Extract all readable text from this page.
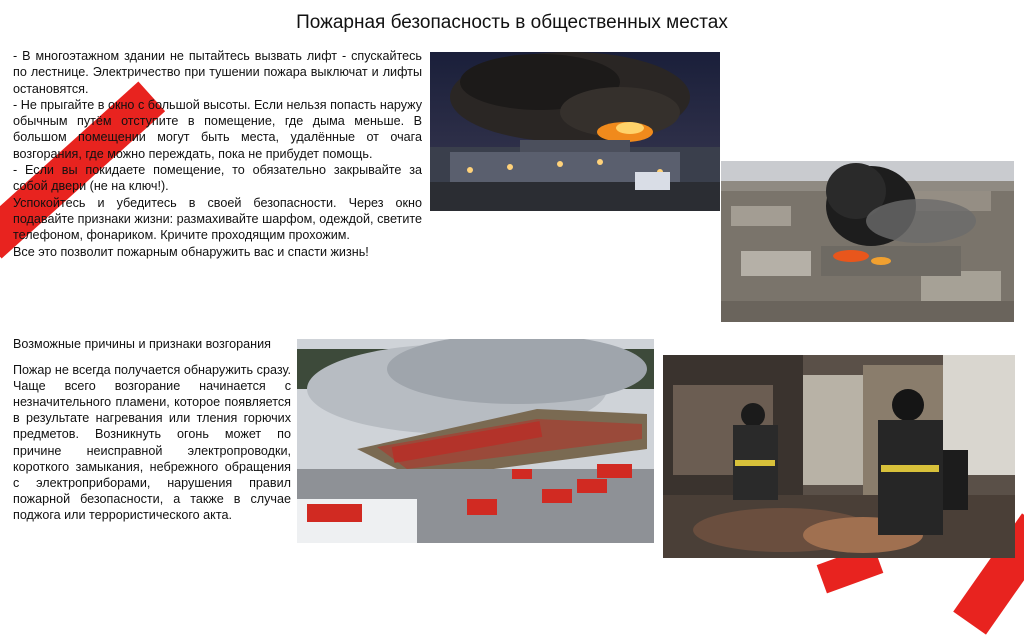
Пожарная безопасность в общественных местах

- В многоэтажном здании не пытайтесь вызвать лифт - спускайтесь по лестнице. Электричество при тушении пожара выключат и лифты остановятся.

- Не прыгайте в окно с большой высоты. Если нельзя попасть наружу обычным путём отступите в помещение, где дыма меньше. В большом помещении могут быть места, удалённые от очага возгорания, где можно переждать, пока не прибудет помощь.

- Если вы покидаете помещение, то обязательно закрывайте за собой двери (не на ключ!).

Успокойтесь и убедитесь в своей безопасности. Через окно подавайте признаки жизни: размахивайте шарфом, одеждой, светите телефоном, фонариком. Кричите проходящим прохожим.

Все это позволит пожарным обнаружить вас и спасти жизнь!

Возможные причины и признаки возгорания

Пожар не всегда получается обнаружить сразу. Чаще всего возгорание начинается с незначительного пламени, которое появляется в результате нагревания или тления горючих предметов. Возникнуть огонь может по причине неисправной электропроводки, короткого замыкания, небрежного обращения с электроприборами, нарушения правил пожарной безопасности, а также в случае поджога или террористического акта.
